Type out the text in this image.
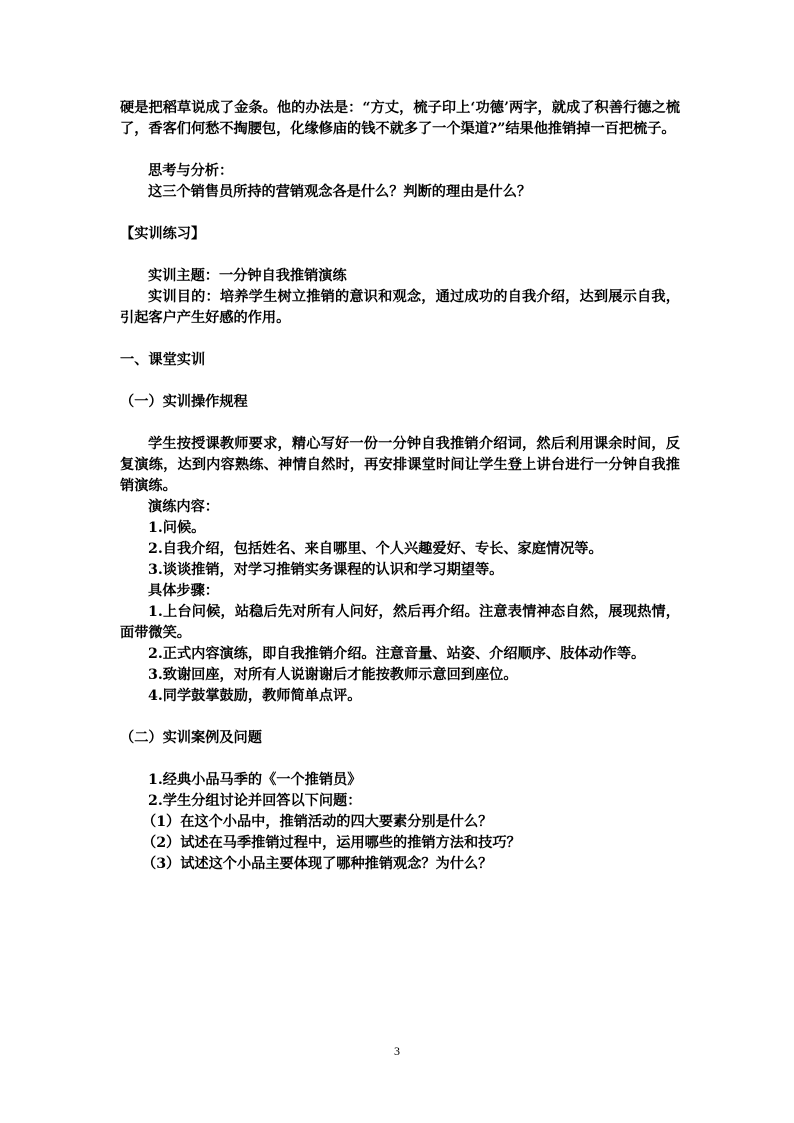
硬是把稻草说成了金条。他的办法是：“方丈，梳子印上‘功德’两字，就成了积善行德之梳了，香客们何愁不掏腰包，化缘修庙的钱不就多了一个渠道?”结果他推销掉一百把梳子。

思考与分析：

这三个销售员所持的营销观念各是什么？判断的理由是什么？

【实训练习】

实训主题：一分钟自我推销演练

实训目的：培养学生树立推销的意识和观念，通过成功的自我介绍，达到展示自我，引起客户产生好感的作用。

一、课堂实训

（一）实训操作规程

学生按授课教师要求，精心写好一份一分钟自我推销介绍词，然后利用课余时间，反复演练，达到内容熟练、神情自然时，再安排课堂时间让学生登上讲台进行一分钟自我推销演练。

演练内容：

1.问候。

2.自我介绍，包括姓名、来自哪里、个人兴趣爱好、专长、家庭情况等。

3.谈谈推销，对学习推销实务课程的认识和学习期望等。

具体步骤：

1.上台问候，站稳后先对所有人问好，然后再介绍。注意表情神态自然，展现热情，面带微笑。

2.正式内容演练，即自我推销介绍。注意音量、站姿、介绍顺序、肢体动作等。

3.致谢回座，对所有人说谢谢后才能按教师示意回到座位。

4.同学鼓掌鼓励，教师简单点评。

（二）实训案例及问题

1.经典小品马季的《一个推销员》

2.学生分组讨论并回答以下问题：

（1）在这个小品中，推销活动的四大要素分别是什么？

（2）试述在马季推销过程中，运用哪些的推销方法和技巧？

（3）试述这个小品主要体现了哪种推销观念？为什么？

3
